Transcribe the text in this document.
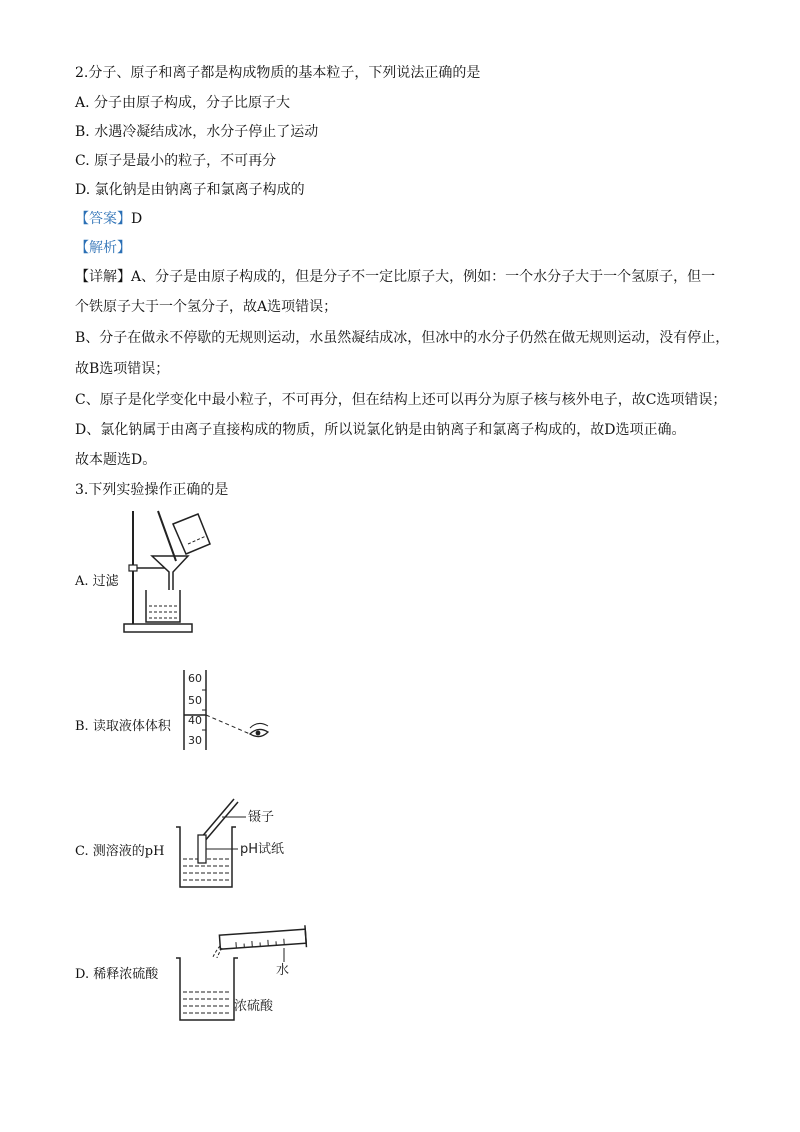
2.分子、原子和离子都是构成物质的基本粒子，下列说法正确的是
A. 分子由原子构成，分子比原子大
B. 水遇冷凝结成冰，水分子停止了运动
C. 原子是最小的粒子，不可再分
D. 氯化钠是由钠离子和氯离子构成的
【答案】D
【解析】
【详解】A、分子是由原子构成的，但是分子不一定比原子大，例如：一个水分子大于一个氢原子，但一
个铁原子大于一个氢分子，故A选项错误；
B、分子在做永不停歇的无规则运动，水虽然凝结成冰，但冰中的水分子仍然在做无规则运动，没有停止，
故B选项错误；
C、原子是化学变化中最小粒子，不可再分，但在结构上还可以再分为原子核与核外电子，故C选项错误；
D、氯化钠属于由离子直接构成的物质，所以说氯化钠是由钠离子和氯离子构成的，故D选项正确。
故本题选D。
3.下列实验操作正确的是
A. 过滤
B. 读取液体体积
60
50
40
30
C. 测溶液的pH
镊子
pH试纸
D. 稀释浓硫酸	水
浓硫酸
